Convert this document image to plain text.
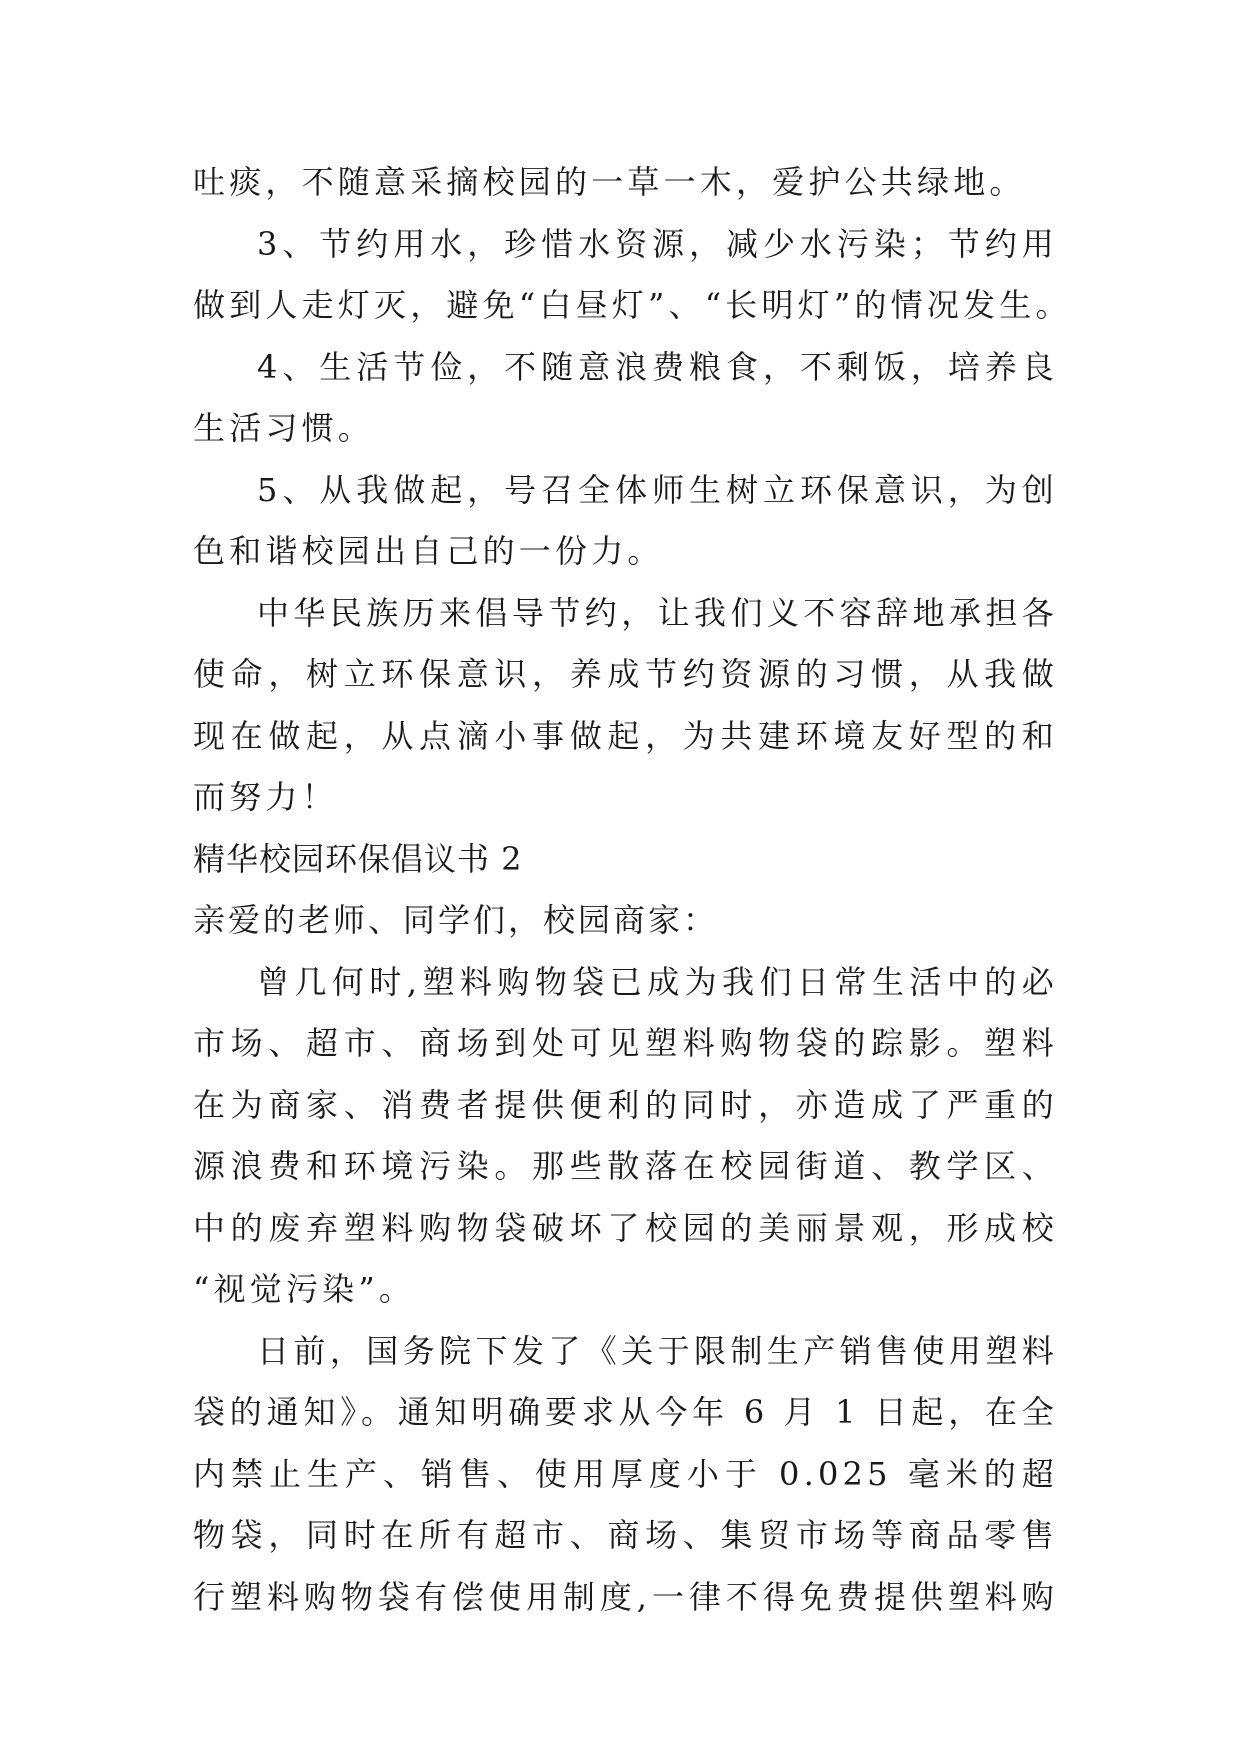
吐痰，不随意采摘校园的一草一木，爱护公共绿地。
3、节约用水，珍惜水资源，减少水污染；节约用
做到人走灯灭，避免“白昼灯”、“长明灯”的情况发生。
4、生活节俭，不随意浪费粮食，不剩饭，培养良
生活习惯。
5、从我做起，号召全体师生树立环保意识，为创
色和谐校园出自己的一份力。
中华民族历来倡导节约，让我们义不容辞地承担各
使命，树立环保意识，养成节约资源的习惯，从我做
现在做起，从点滴小事做起，为共建环境友好型的和
而努力！
精华校园环保倡议书 2
亲爱的老师、同学们，校园商家：
曾几何时,塑料购物袋已成为我们日常生活中的必
市场、超市、商场到处可见塑料购物袋的踪影。塑料
在为商家、消费者提供便利的同时，亦造成了严重的
源浪费和环境污染。那些散落在校园街道、教学区、
中的废弃塑料购物袋破坏了校园的美丽景观，形成校
“视觉污染”。
日前，国务院下发了《关于限制生产销售使用塑料
袋的通知》。通知明确要求从今年 6 月 1 日起，在全
内禁止生产、销售、使用厚度小于 0.025 毫米的超
物袋，同时在所有超市、商场、集贸市场等商品零售
行塑料购物袋有偿使用制度,一律不得免费提供塑料购
